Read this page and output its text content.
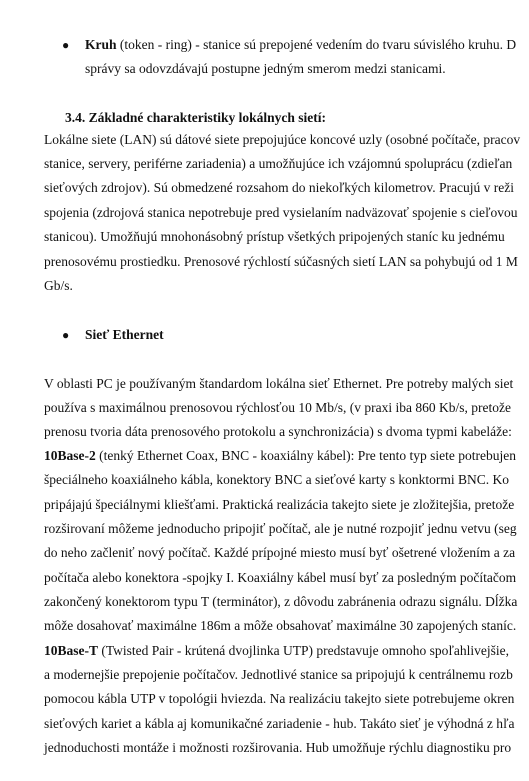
● Kruh (token - ring) - stanice sú prepojené vedením do tvaru súvislého kruhu. D
správy sa odovzdávajú postupne jedným smerom medzi stanicami.
3.4. Základné charakteristiky lokálnych sietí:
Lokálne siete (LAN) sú dátové siete prepojujúce koncové uzly (osobné počítače, pracov
stanice, servery, periférne zariadenia) a umožňujúce ich vzájomnú spoluprácu (zdieľan
sieťových zdrojov). Sú obmedzené rozsahom do niekoľkých kilometrov. Pracujú v reži
spojenia (zdrojová stanica nepotrebuje pred vysielaním nadväzovať spojenie s cieľovou
stanicou). Umožňujú mnohonásobný prístup všetkých pripojených staníc ku jednému
prenosovému prostiedku. Prenosové rýchlostí súčasných sietí LAN sa pohybujú od 1 M
Gb/s.
● Sieť Ethernet
V oblasti PC je používaným štandardom lokálna sieť Ethernet. Pre potreby malých siet
používa s maximálnou prenosovou rýchlosťou 10 Mb/s, (v praxi iba 860 Kb/s, pretože
prenosu tvoria dáta prenosového protokolu a synchronizácia) s dvoma typmi kabeláže:
10Base-2 (tenký Ethernet Coax, BNC - koaxiálny kábel): Pre tento typ siete potrebujen
špeciálneho koaxiálneho kábla, konektory BNC a sieťové karty s konktormi BNC. Ko
pripájajú špeciálnymi kliešťami. Praktická realizácia takejto siete je zložitejšia, pretože
rozširovaní môžeme jednoducho pripojiť počítač, ale je nutné rozpojiť jednu vetvu (seg
do neho začleniť nový počítač. Každé prípojné miesto musí byť ošetrené vložením a za
počítača alebo konektora -spojky I. Koaxiálny kábel musí byť za posledným počítačom
zakončený konektorom typu T (terminátor), z dôvodu zabránenia odrazu signálu. Dĺžka
môže dosahovať maximálne 186m a môže obsahovať maximálne 30 zapojených staníc.
10Base-T (Twisted Pair - krútená dvojlinka UTP) predstavuje omnoho spoľahlivejšie,
a modernejšie prepojenie počítačov. Jednotlivé stanice sa pripojujú k centrálnemu rozb
pomocou kábla UTP v topológii hviezda. Na realizáciu takejto siete potrebujeme okren
sieťových kariet a kábla aj komunikačné zariadenie - hub. Takáto sieť je výhodná z hľa
jednoduchosti montáže i možnosti rozširovania. Hub umožňuje rýchlu diagnostiku pro
